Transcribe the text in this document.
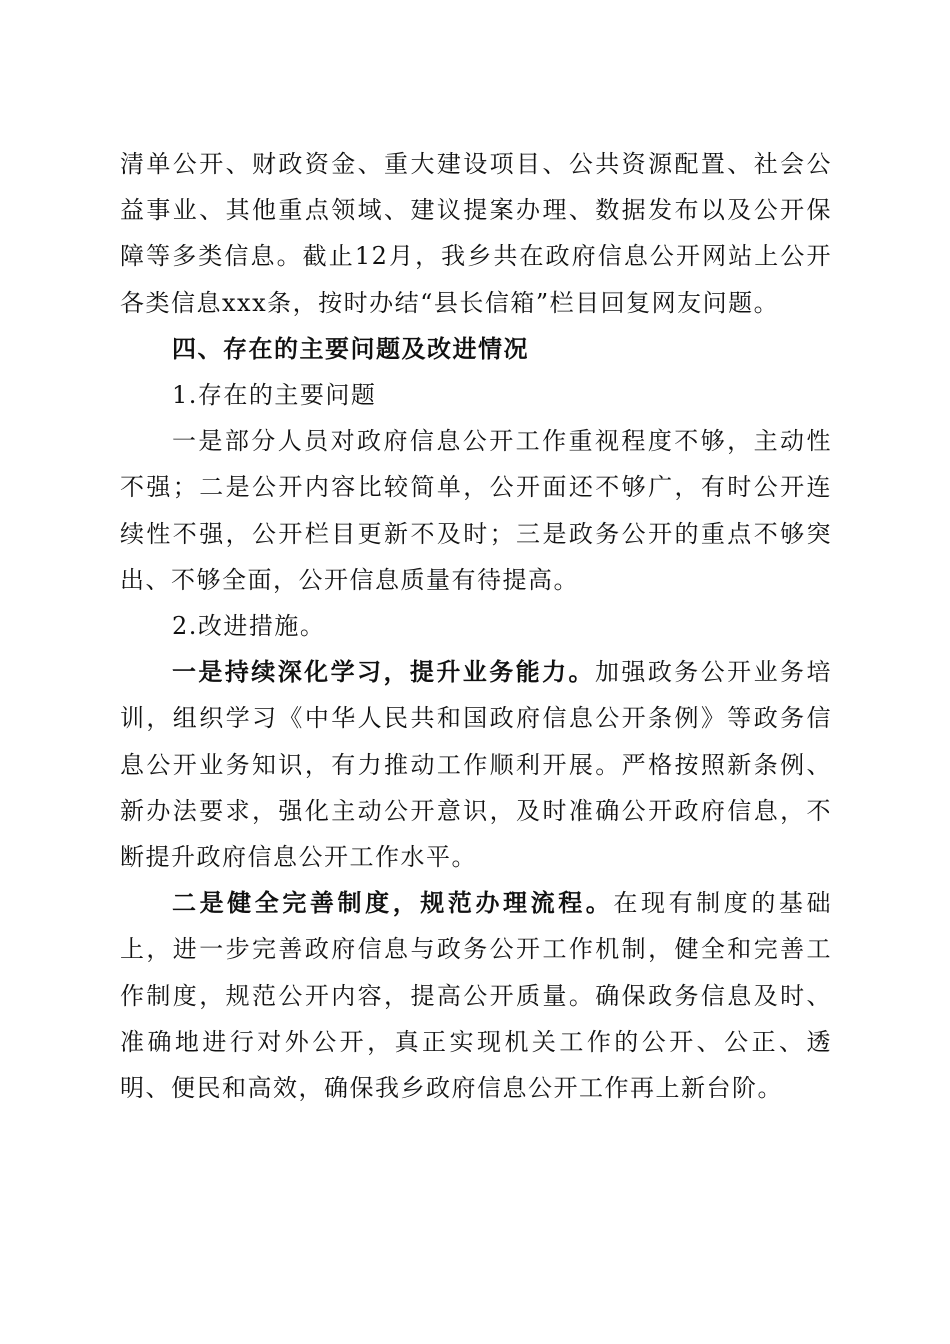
清单公开、财政资金、重大建设项目、公共资源配置、社会公益事业、其他重点领域、建议提案办理、数据发布以及公开保障等多类信息。截止12月，我乡共在政府信息公开网站上公开各类信息xxx条，按时办结“县长信箱”栏目回复网友问题。

四、存在的主要问题及改进情况

1.存在的主要问题

一是部分人员对政府信息公开工作重视程度不够，主动性不强；二是公开内容比较简单，公开面还不够广，有时公开连续性不强，公开栏目更新不及时；三是政务公开的重点不够突出、不够全面，公开信息质量有待提高。

2.改进措施。

一是持续深化学习，提升业务能力。加强政务公开业务培训，组织学习《中华人民共和国政府信息公开条例》等政务信息公开业务知识，有力推动工作顺利开展。严格按照新条例、新办法要求，强化主动公开意识，及时准确公开政府信息，不断提升政府信息公开工作水平。

二是健全完善制度，规范办理流程。在现有制度的基础上，进一步完善政府信息与政务公开工作机制，健全和完善工作制度，规范公开内容，提高公开质量。确保政务信息及时、准确地进行对外公开，真正实现机关工作的公开、公正、透明、便民和高效，确保我乡政府信息公开工作再上新台阶。
